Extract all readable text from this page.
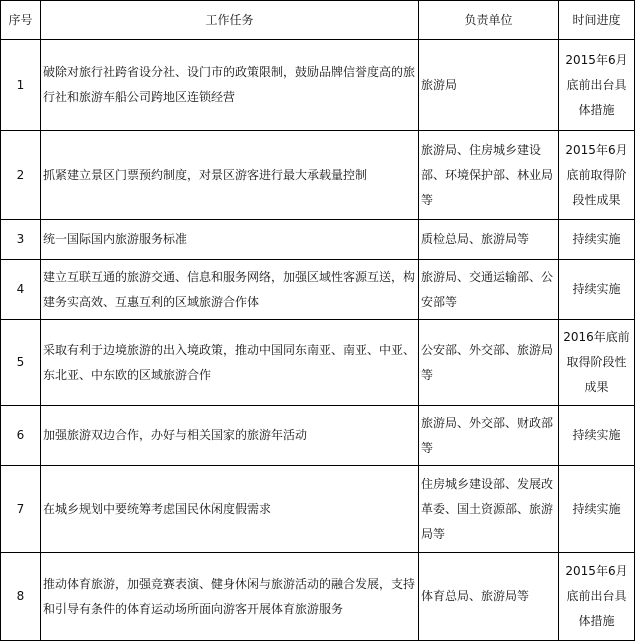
序号	工作任务	负责单位	时间进度
1	破除对旅行社跨省设分社、设门市的政策限制，鼓励品牌信誉度高的旅行社和旅游车船公司跨地区连锁经营	旅游局	2015年6月底前出台具体措施
2	抓紧建立景区门票预约制度，对景区游客进行最大承载量控制	旅游局、住房城乡建设部、环境保护部、林业局等	2015年6月底前取得阶段性成果
3	统一国际国内旅游服务标准	质检总局、旅游局等	持续实施
4	建立互联互通的旅游交通、信息和服务网络，加强区域性客源互送，构建务实高效、互惠互利的区域旅游合作体	旅游局、交通运输部、公安部等	持续实施
5	采取有利于边境旅游的出入境政策，推动中国同东南亚、南亚、中亚、东北亚、中东欧的区域旅游合作	公安部、外交部、旅游局等	2016年底前取得阶段性成果
6	加强旅游双边合作，办好与相关国家的旅游年活动	旅游局、外交部、财政部等	持续实施
7	在城乡规划中要统筹考虑国民休闲度假需求	住房城乡建设部、发展改革委、国土资源部、旅游局等	持续实施
8	推动体育旅游，加强竞赛表演、健身休闲与旅游活动的融合发展，支持和引导有条件的体育运动场所面向游客开展体育旅游服务	体育总局、旅游局等	2015年6月底前出台具体措施
